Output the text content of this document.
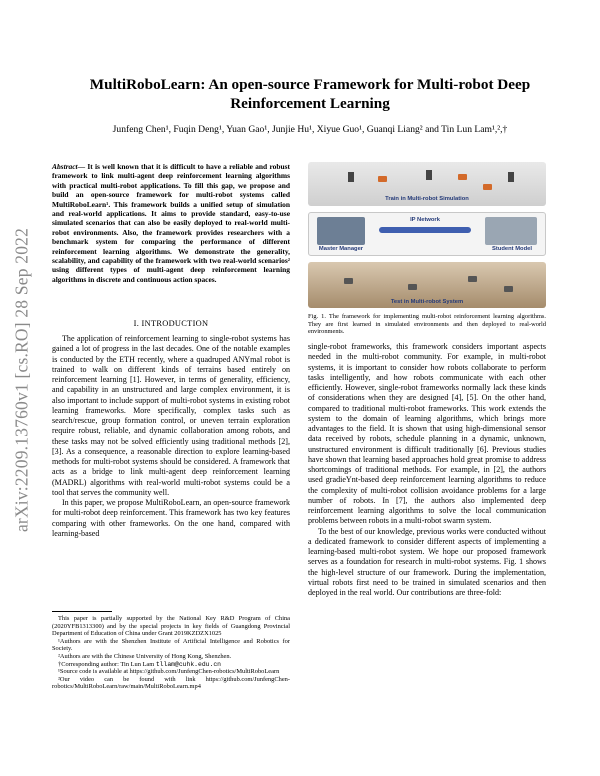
arXiv:2209.13760v1 [cs.RO] 28 Sep 2022
MultiRoboLearn: An open-source Framework for Multi-robot Deep
Reinforcement Learning
Junfeng Chen¹, Fuqin Deng¹, Yuan Gao¹, Junjie Hu¹, Xiyue Guo¹, Guanqi Liang² and Tin Lun Lam¹,²,†
Abstract— It is well known that it is difficult to have a reliable and robust framework to link multi-agent deep reinforcement learning algorithms with practical multi-robot applications. To fill this gap, we propose and build an open-source framework for multi-robot systems called MultiRoboLearn¹. This framework builds a unified setup of simulation and real-world applications. It aims to provide standard, easy-to-use simulated scenarios that can also be easily deployed to real-world multi-robot environments. Also, the framework provides researchers with a benchmark system for comparing the performance of different reinforcement learning algorithms. We demonstrate the generality, scalability, and capability of the framework with two real-world scenarios² using different types of multi-agent deep reinforcement learning algorithms in discrete and continuous action spaces.
I. INTRODUCTION

The application of reinforcement learning to single-robot systems has gained a lot of progress in the last decades. One of the notable examples is conducted by the ETH recently, where a quadruped ANYmal robot is trained to walk on different kinds of terrains based entirely on reinforcement learning [1]. However, in terms of generality, efficiency, and capability in an unstructured and large complex environment, it is also important to include support of multi-robot systems in existing robot learning frameworks. More specifically, complex tasks such as search/rescue, group formation control, or uneven terrain exploration require robust, reliable, and dynamic collaboration among robots, and these tasks may not be solved efficiently using traditional methods [2], [3]. As a consequence, a reasonable direction to explore learning-based methods for multi-robot systems should be considered. A framework that acts as a bridge to link multi-agent deep reinforcement learning (MADRL) algorithms with real-world multi-robot systems could be a tool that serves the community well.

In this paper, we propose MultiRoboLearn, an open-source framework for multi-robot deep reinforcement. This framework has two key features comparing with other frameworks. On the one hand, compared with learning-based

This paper is partially supported by the National Key R&D Program of China (2020YFB1313300) and by the special projects in key fields of Guangdong Provincial Department of Education of China under Grant 2019KZDZX1025

¹Authors are with the Shenzhen Institute of Artificial Intelligence and Robotics for Society.

²Authors are with the Chinese University of Hong Kong, Shenzhen.

†Corresponding author: Tin Lun Lam tllam@cuhk.edu.cn

¹Source code is available at https://github.com/JunfengChen-robotics/MultiRoboLearn

²Our video can be found with link https://github.com/JunfengChen-robotics/MultiRoboLearn/raw/main/MultiRoboLearn.mp4

Train in Multi-robot Simulation
IP Network
Master Manager	Student Model
Test in Multi-robot System
Fig. 1. The framework for implementing multi-robot reinforcement learning algorithms. They are first learned in simulated environments and then deployed to real-world environments.

single-robot frameworks, this framework considers important aspects needed in the multi-robot community. For example, in multi-robot systems, it is important to consider how robots collaborate to perform tasks intelligently, and how robots communicate with each other efficiently. However, single-robot frameworks normally lack these kinds of considerations when they are designed [4], [5]. On the other hand, compared to traditional multi-robot frameworks. This work extends the system to the domain of learning algorithms, which brings more advantages to the field. It is shown that using high-dimensional sensor data received by robots, schedule planning in a dynamic, unknown, unstructured environment is difficult traditionally [6]. Previous studies have shown that learning based approaches hold great promise to address shortcomings of traditional methods. For example, in [2], the authors used gradieYnt-based deep reinforcement learning algorithms to reduce the complexity of multi-robot collision avoidance problems for a large number of robots. In [7], the authors also implemented deep reinforcement learning algorithms to solve the local communication problems between robots in a multi-robot swarm system.

To the best of our knowledge, previous works were conducted without a dedicated framework to consider different aspects of implementing a learning-based multi-robot system. We hope our proposed framework serves as a foundation for research in multi-robot systems. Fig. 1 shows the high-level structure of our framework. During the implementation, virtual robots first need to be trained in simulated scenarios and then deployed in the real world. Our contributions are three-fold:
